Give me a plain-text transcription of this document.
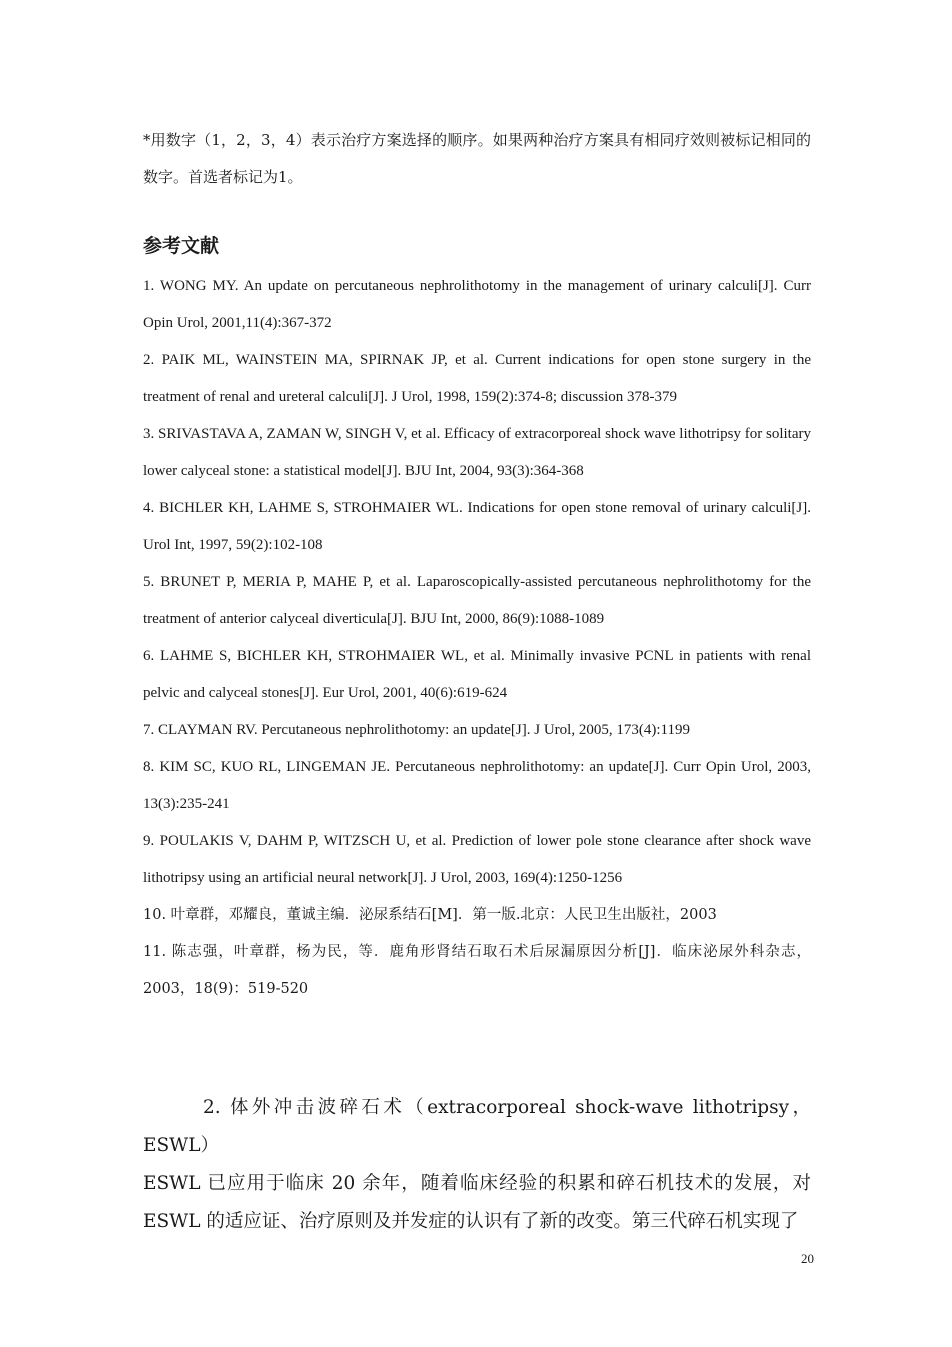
*用数字（1，2，3，4）表示治疗方案选择的顺序。如果两种治疗方案具有相同疗效则被标记相同的数字。首选者标记为1。

参考文献
1. WONG MY. An update on percutaneous nephrolithotomy in the management of urinary calculi[J]. Curr Opin Urol, 2001,11(4):367-372
2. PAIK ML, WAINSTEIN MA, SPIRNAK JP, et al. Current indications for open stone surgery in the treatment of renal and ureteral calculi[J]. J Urol, 1998, 159(2):374-8; discussion 378-379
3. SRIVASTAVA A, ZAMAN W, SINGH V, et al. Efficacy of extracorporeal shock wave lithotripsy for solitary lower calyceal stone: a statistical model[J]. BJU Int, 2004, 93(3):364-368
4. BICHLER KH, LAHME S, STROHMAIER WL. Indications for open stone removal of urinary calculi[J]. Urol Int, 1997, 59(2):102-108
5. BRUNET P, MERIA P, MAHE P, et al. Laparoscopically-assisted percutaneous nephrolithotomy for the treatment of anterior calyceal diverticula[J]. BJU Int, 2000, 86(9):1088-1089
6. LAHME S, BICHLER KH, STROHMAIER WL, et al. Minimally invasive PCNL in patients with renal pelvic and calyceal stones[J]. Eur Urol, 2001, 40(6):619-624
7. CLAYMAN RV. Percutaneous nephrolithotomy: an update[J]. J Urol, 2005, 173(4):1199
8. KIM SC, KUO RL, LINGEMAN JE. Percutaneous nephrolithotomy: an update[J]. Curr Opin Urol, 2003, 13(3):235-241
9. POULAKIS V, DAHM P, WITZSCH U, et al. Prediction of lower pole stone clearance after shock wave lithotripsy using an artificial neural network[J]. J Urol, 2003, 169(4):1250-1256
10. 叶章群，邓耀良，董诚主编．泌尿系结石[M]．第一版.北京：人民卫生出版社，2003
11. 陈志强，叶章群，杨为民，等．鹿角形肾结石取石术后尿漏原因分析[J]．临床泌尿外科杂志，2003，18(9)：519-520

2. 体外冲击波碎石术（extracorporeal shock-wave lithotripsy，ESWL）

ESWL 已应用于临床 20 余年，随着临床经验的积累和碎石机技术的发展，对 ESWL 的适应证、治疗原则及并发症的认识有了新的改变。第三代碎石机实现了

20
